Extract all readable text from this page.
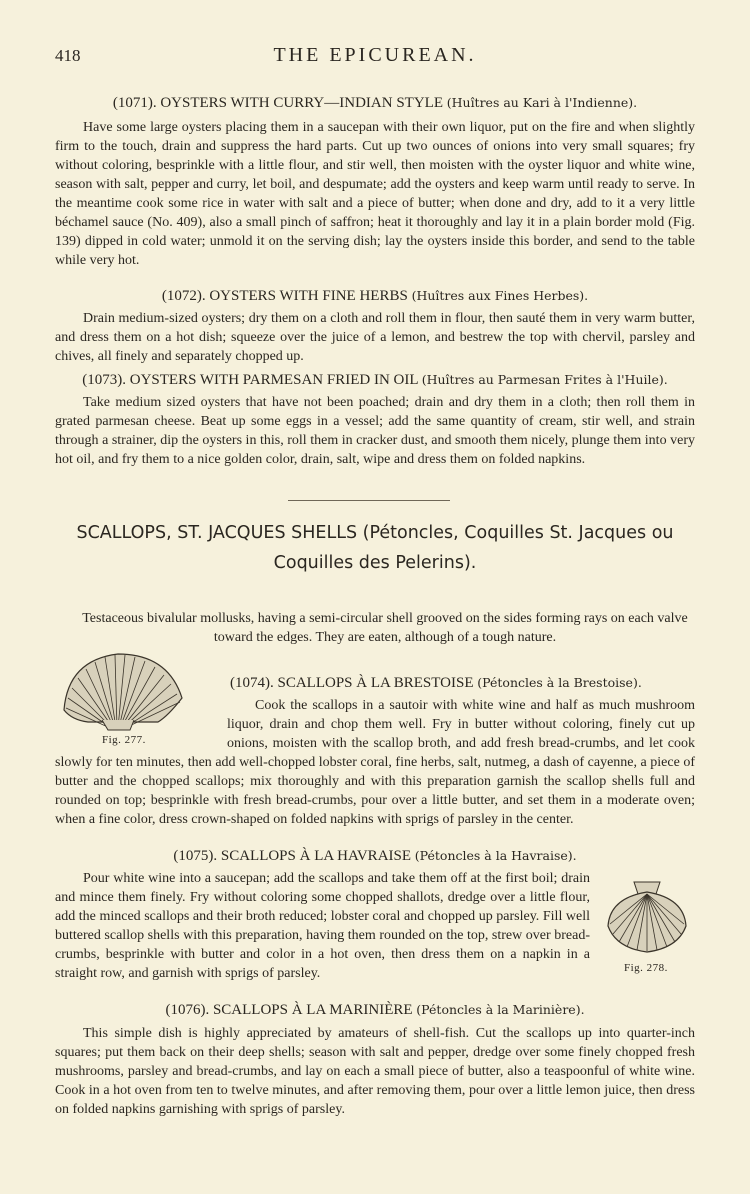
418	THE EPICUREAN.
(1071). OYSTERS WITH CURRY—INDIAN STYLE (Huîtres au Kari à l'Indienne).

Have some large oysters placing them in a saucepan with their own liquor, put on the fire and when slightly firm to the touch, drain and suppress the hard parts. Cut up two ounces of onions into very small squares; fry without coloring, besprinkle with a little flour, and stir well, then moisten with the oyster liquor and white wine, season with salt, pepper and curry, let boil, and despumate; add the oysters and keep warm until ready to serve. In the meantime cook some rice in water with salt and a piece of butter; when done and dry, add to it a very little béchamel sauce (No. 409), also a small pinch of saffron; heat it thoroughly and lay it in a plain border mold (Fig. 139) dipped in cold water; unmold it on the serving dish; lay the oysters inside this border, and send to the table while very hot.

(1072). OYSTERS WITH FINE HERBS (Huîtres aux Fines Herbes).

Drain medium-sized oysters; dry them on a cloth and roll them in flour, then sauté them in very warm butter, and dress them on a hot dish; squeeze over the juice of a lemon, and bestrew the top with chervil, parsley and chives, all finely and separately chopped up.

(1073). OYSTERS WITH PARMESAN FRIED IN OIL (Huîtres au Parmesan Frites à l'Huile).

Take medium sized oysters that have not been poached; drain and dry them in a cloth; then roll them in grated parmesan cheese. Beat up some eggs in a vessel; add the same quantity of cream, stir well, and strain through a strainer, dip the oysters in this, roll them in cracker dust, and smooth them nicely, plunge them into very hot oil, and fry them to a nice golden color, drain, salt, wipe and dress them on folded napkins.

SCALLOPS, ST. JACQUES SHELLS (Pétoncles, Coquilles St. Jacques ou
Coquilles des Pelerins).

Testaceous bivalular mollusks, having a semi-circular shell grooved on the sides forming rays on each valve toward the edges. They are eaten, although of a tough nature.

Fig. 277.
(1074). SCALLOPS À LA BRESTOISE (Pétoncles à la Brestoise).

Cook the scallops in a sautoir with white wine and half as much mushroom liquor, drain and chop them well. Fry in butter without coloring, finely cut up onions, moisten with the scallop broth, and add fresh bread-crumbs, and let cook slowly for ten minutes, then add well-chopped lobster coral, fine herbs, salt, nutmeg, a dash of cayenne, a piece of butter and the chopped scallops; mix thoroughly and with this preparation garnish the scallop shells full and rounded on top; besprinkle with fresh bread-crumbs, pour over a little butter, and set them in a moderate oven; when a fine color, dress crown-shaped on folded napkins with sprigs of parsley in the center.

(1075). SCALLOPS À LA HAVRAISE (Pétoncles à la Havraise).

Pour white wine into a saucepan; add the scallops and take them off at the first boil; drain and mince them finely. Fry without coloring some chopped shallots, dredge over a little flour, add the minced scallops and their broth reduced; lobster coral and chopped up parsley. Fill well buttered scallop shells with this preparation, having them rounded on the top, strew over bread-crumbs, besprinkle with butter and color in a hot oven, then dress them on a napkin in a straight row, and garnish with sprigs of parsley.	Fig. 278.
(1076). SCALLOPS À LA MARINIÈRE (Pétoncles à la Marinière).

This simple dish is highly appreciated by amateurs of shell-fish. Cut the scallops up into quarter-inch squares; put them back on their deep shells; season with salt and pepper, dredge over some finely chopped fresh mushrooms, parsley and bread-crumbs, and lay on each a small piece of butter, also a teaspoonful of white wine. Cook in a hot oven from ten to twelve minutes, and after removing them, pour over a little lemon juice, then dress on folded napkins garnishing with sprigs of parsley.
